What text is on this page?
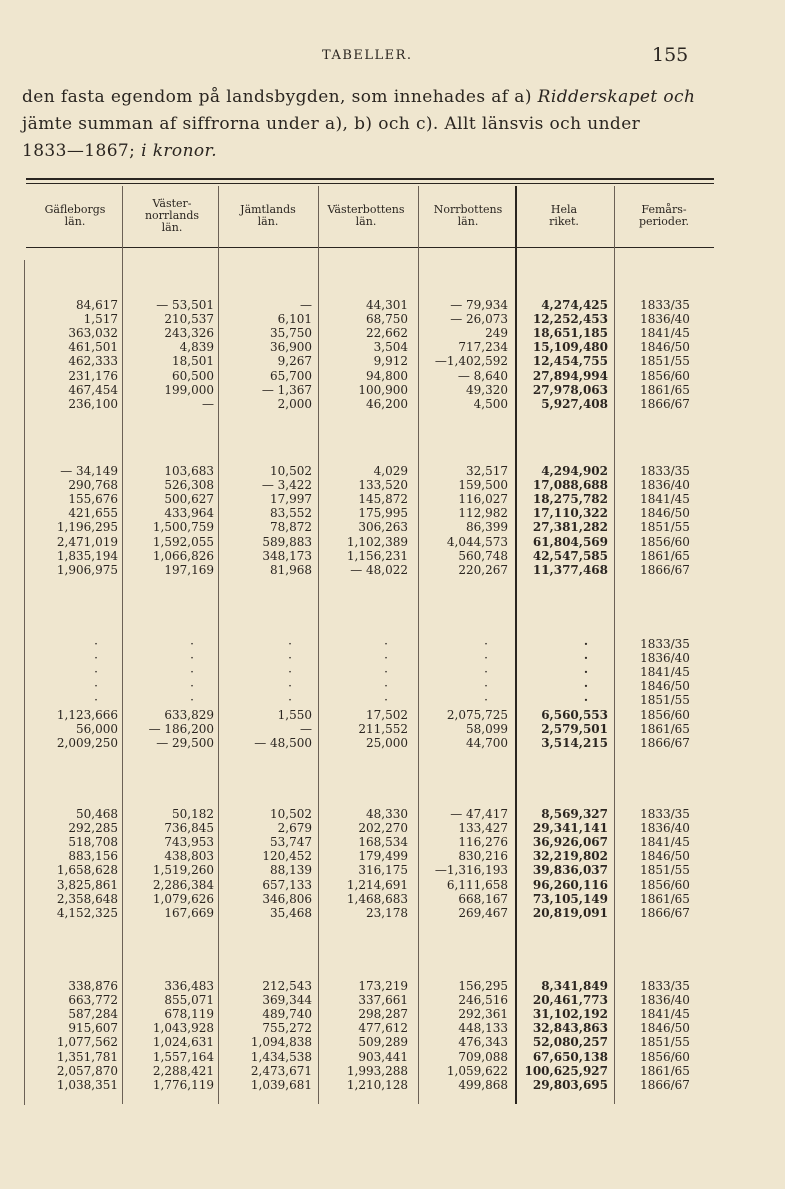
TABELLER.	155
den fasta egendom på landsbygden, som innehades af a) Ridderskapet och
jämte summan af siffrorna under a), b) och c). Allt länsvis och under
1833—1867; i kronor.
Gäfleborgs
län.
Väster-
norrlands
län.
Jämtlands
län.
Västerbottens
län.
Norrbottens
län.
Hela
riket.
Femårs-
perioder.
84,617	— 53,501	—	44,301	— 79,934	4,274,425	1833/35
1,517	210,537	6,101	68,750	— 26,073	12,252,453	1836/40
363,032	243,326	35,750	22,662	249	18,651,185	1841/45
461,501	4,839	36,900	3,504	717,234	15,109,480	1846/50
462,333	18,501	9,267	9,912	—1,402,592	12,454,755	1851/55
231,176	60,500	65,700	94,800	— 8,640	27,894,994	1856/60
467,454	199,000	— 1,367	100,900	49,320	27,978,063	1861/65
236,100	—	2,000	46,200	4,500	5,927,408	1866/67
— 34,149	103,683	10,502	4,029	32,517	4,294,902	1833/35
290,768	526,308	— 3,422	133,520	159,500	17,088,688	1836/40
155,676	500,627	17,997	145,872	116,027	18,275,782	1841/45
421,655	433,964	83,552	175,995	112,982	17,110,322	1846/50
1,196,295	1,500,759	78,872	306,263	86,399	27,381,282	1851/55
2,471,019	1,592,055	589,883	1,102,389	4,044,573	61,804,569	1856/60
1,835,194	1,066,826	348,173	1,156,231	560,748	42,547,585	1861/65
1,906,975	197,169	81,968	— 48,022	220,267	11,377,468	1866/67
·	·	·	·	·	·	1833/35
·	·	·	·	·	·	1836/40
·	·	·	·	·	·	1841/45
·	·	·	·	·	·	1846/50
·	·	·	·	·	·	1851/55
1,123,666	633,829	1,550	17,502	2,075,725	6,560,553	1856/60
56,000	— 186,200	—	211,552	58,099	2,579,501	1861/65
2,009,250	— 29,500	— 48,500	25,000	44,700	3,514,215	1866/67
50,468	50,182	10,502	48,330	— 47,417	8,569,327	1833/35
292,285	736,845	2,679	202,270	133,427	29,341,141	1836/40
518,708	743,953	53,747	168,534	116,276	36,926,067	1841/45
883,156	438,803	120,452	179,499	830,216	32,219,802	1846/50
1,658,628	1,519,260	88,139	316,175	—1,316,193	39,836,037	1851/55
3,825,861	2,286,384	657,133	1,214,691	6,111,658	96,260,116	1856/60
2,358,648	1,079,626	346,806	1,468,683	668,167	73,105,149	1861/65
4,152,325	167,669	35,468	23,178	269,467	20,819,091	1866/67
338,876	336,483	212,543	173,219	156,295	8,341,849	1833/35
663,772	855,071	369,344	337,661	246,516	20,461,773	1836/40
587,284	678,119	489,740	298,287	292,361	31,102,192	1841/45
915,607	1,043,928	755,272	477,612	448,133	32,843,863	1846/50
1,077,562	1,024,631	1,094,838	509,289	476,343	52,080,257	1851/55
1,351,781	1,557,164	1,434,538	903,441	709,088	67,650,138	1856/60
2,057,870	2,288,421	2,473,671	1,993,288	1,059,622	100,625,927	1861/65
1,038,351	1,776,119	1,039,681	1,210,128	499,868	29,803,695	1866/67
